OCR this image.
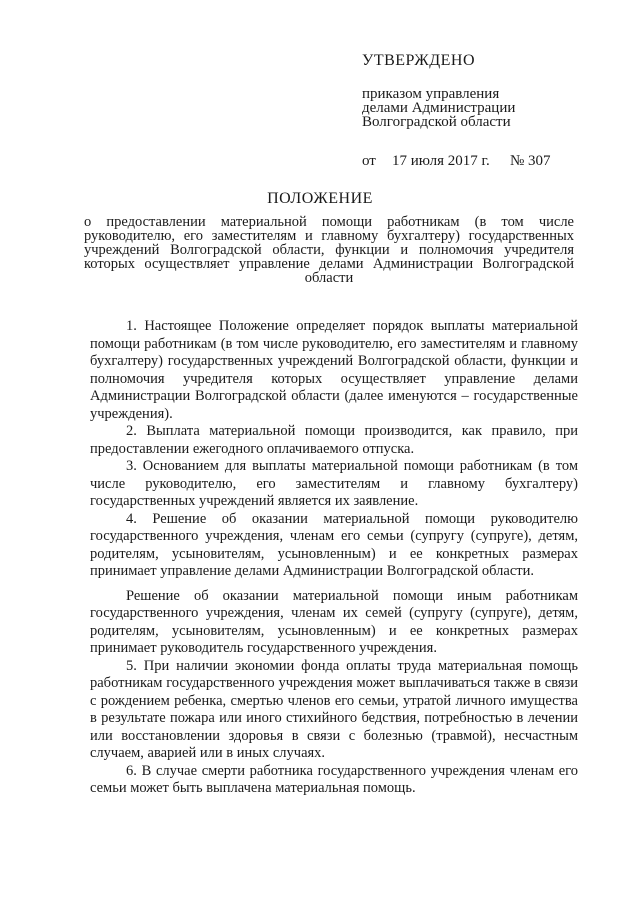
УТВЕРЖДЕНО
приказом управления
делами Администрации
Волгоградской области
от 17 июля 2017 г. № 307
ПОЛОЖЕНИЕ
о предоставлении материальной помощи работникам (в том числе руководителю, его заместителям и главному бухгалтеру) государственных учреждений Волгоградской области, функции и полномочия учредителя которых осуществляет управление делами Администрации Волгоградской области

1. Настоящее Положение определяет порядок выплаты материальной помощи работникам (в том числе руководителю, его заместителям и главному бухгалтеру) государственных учреждений Волгоградской области, функции и полномочия учредителя которых осуществляет управление делами Администрации Волгоградской области (далее именуются – государственные учреждения).

2. Выплата материальной помощи производится, как правило, при предоставлении ежегодного оплачиваемого отпуска.

3. Основанием для выплаты материальной помощи работникам (в том числе руководителю, его заместителям и главному бухгалтеру) государственных учреждений является их заявление.

4. Решение об оказании материальной помощи руководителю государственного учреждения, членам его семьи (супругу (супруге), детям, родителям, усыновителям, усыновленным) и ее конкретных размерах принимает управление делами Администрации Волгоградской области.

Решение об оказании материальной помощи иным работникам государственного учреждения, членам их семей (супругу (супруге), детям, родителям, усыновителям, усыновленным) и ее конкретных размерах принимает руководитель государственного учреждения.

5. При наличии экономии фонда оплаты труда материальная помощь работникам государственного учреждения может выплачиваться также в связи с рождением ребенка, смертью членов его семьи, утратой личного имущества в результате пожара или иного стихийного бедствия, потребностью в лечении или восстановлении здоровья в связи с болезнью (травмой), несчастным случаем, аварией или в иных случаях.

6. В случае смерти работника государственного учреждения членам его семьи может быть выплачена материальная помощь.
